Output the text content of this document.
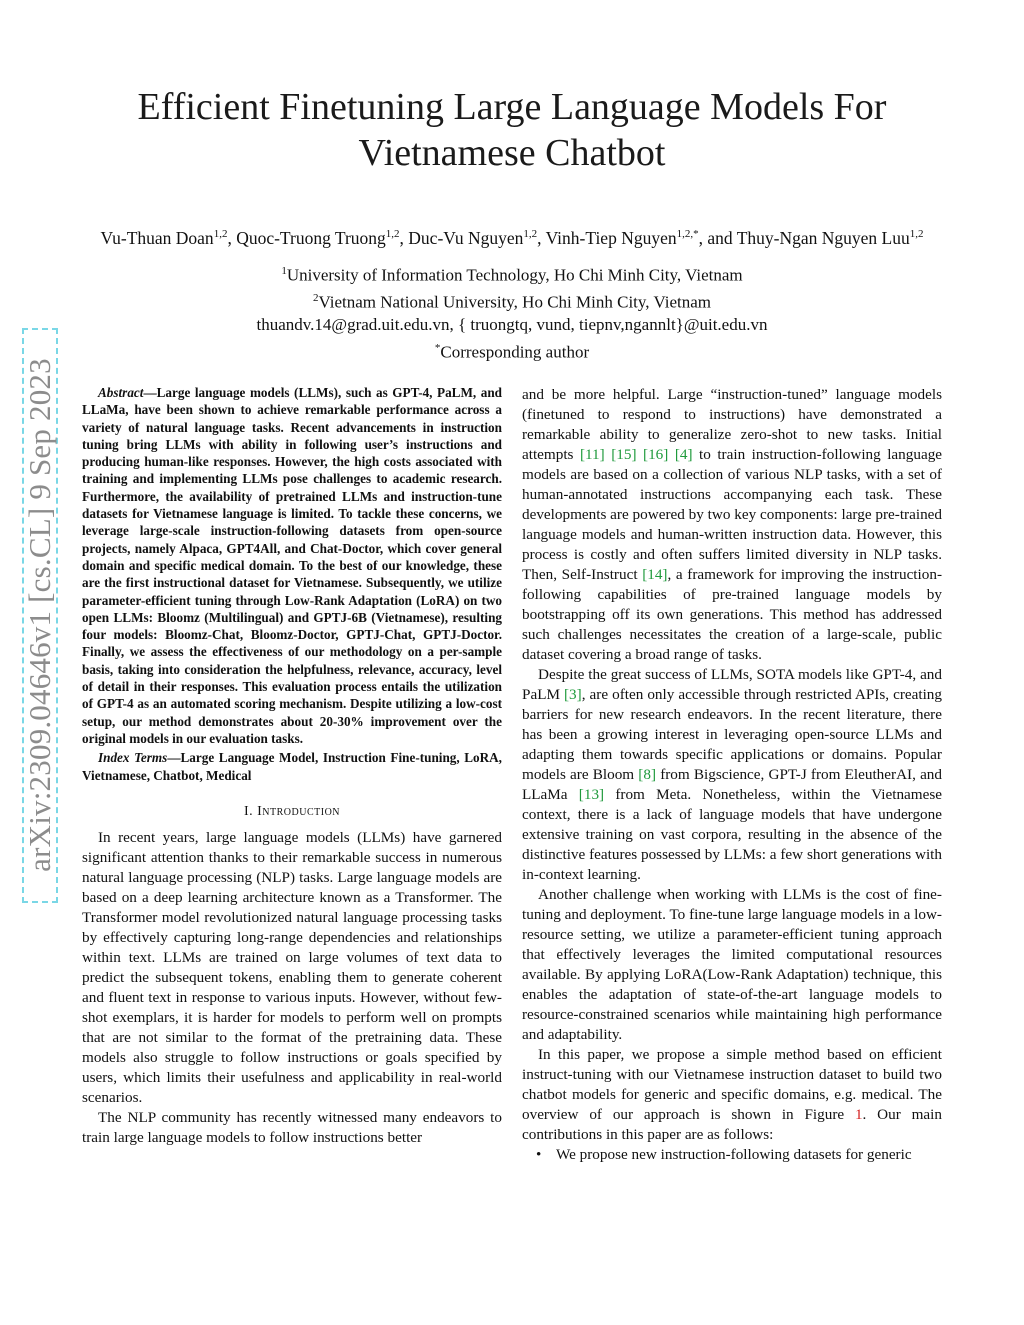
arXiv:2309.04646v1 [cs.CL] 9 Sep 2023
Efficient Finetuning Large Language Models For
Vietnamese Chatbot
Vu-Thuan Doan$^{1,2}$, Quoc-Truong Truong$^{1,2}$, Duc-Vu Nguyen$^{1,2}$, Vinh-Tiep Nguyen$^{1,2,*}$, and Thuy-Ngan Nguyen Luu$^{1,2}$
$^1$University of Information Technology, Ho Chi Minh City, Vietnam
$^2$Vietnam National University, Ho Chi Minh City, Vietnam
thuandv.14@grad.uit.edu.vn, { truongtq, vund, tiepnv,ngannlt}@uit.edu.vn
*Corresponding author

Abstract—Large language models (LLMs), such as GPT-4, PaLM, and LLaMa, have been shown to achieve remarkable performance across a variety of natural language tasks. Recent advancements in instruction tuning bring LLMs with ability in following user’s instructions and producing human-like responses. However, the high costs associated with training and implementing LLMs pose challenges to academic research. Furthermore, the availability of pretrained LLMs and instruction-tune datasets for Vietnamese language is limited. To tackle these concerns, we leverage large-scale instruction-following datasets from open-source projects, namely Alpaca, GPT4All, and Chat-Doctor, which cover general domain and specific medical domain. To the best of our knowledge, these are the first instructional dataset for Vietnamese. Subsequently, we utilize parameter-efficient tuning through Low-Rank Adaptation (LoRA) on two open LLMs: Bloomz (Multilingual) and GPTJ-6B (Vietnamese), resulting four models: Bloomz-Chat, Bloomz-Doctor, GPTJ-Chat, GPTJ-Doctor. Finally, we assess the effectiveness of our methodology on a per-sample basis, taking into consideration the helpfulness, relevance, accuracy, level of detail in their responses. This evaluation process entails the utilization of GPT-4 as an automated scoring mechanism. Despite utilizing a low-cost setup, our method demonstrates about 20-30% improvement over the original models in our evaluation tasks.

Index Terms—Large Language Model, Instruction Fine-tuning, LoRA, Vietnamese, Chatbot, Medical

I. Introduction

In recent years, large language models (LLMs) have garnered significant attention thanks to their remarkable success in numerous natural language processing (NLP) tasks. Large language models are based on a deep learning architecture known as a Transformer. The Transformer model revolutionized natural language processing tasks by effectively capturing long-range dependencies and relationships within text. LLMs are trained on large volumes of text data to predict the subsequent tokens, enabling them to generate coherent and fluent text in response to various inputs. However, without few-shot exemplars, it is harder for models to perform well on prompts that are not similar to the format of the pretraining data. These models also struggle to follow instructions or goals specified by users, which limits their usefulness and applicability in real-world scenarios.

The NLP community has recently witnessed many endeavors to train large language models to follow instructions better

and be more helpful. Large “instruction-tuned” language models (finetuned to respond to instructions) have demonstrated a remarkable ability to generalize zero-shot to new tasks. Initial attempts [11] [15] [16] [4] to train instruction-following language models are based on a collection of various NLP tasks, with a set of human-annotated instructions accompanying each task. These developments are powered by two key components: large pre-trained language models and human-written instruction data. However, this process is costly and often suffers limited diversity in NLP tasks. Then, Self-Instruct [14], a framework for improving the instruction-following capabilities of pre-trained language models by bootstrapping off its own generations. This method has addressed such challenges necessitates the creation of a large-scale, public dataset covering a broad range of tasks.

Despite the great success of LLMs, SOTA models like GPT-4, and PaLM [3], are often only accessible through restricted APIs, creating barriers for new research endeavors. In the recent literature, there has been a growing interest in leveraging open-source LLMs and adapting them towards specific applications or domains. Popular models are Bloom [8] from Bigscience, GPT-J from EleutherAI, and LLaMa [13] from Meta. Nonetheless, within the Vietnamese context, there is a lack of language models that have undergone extensive training on vast corpora, resulting in the absence of the distinctive features possessed by LLMs: a few short generations with in-context learning.

Another challenge when working with LLMs is the cost of fine-tuning and deployment. To fine-tune large language models in a low-resource setting, we utilize a parameter-efficient tuning approach that effectively leverages the limited computational resources available. By applying LoRA(Low-Rank Adaptation) technique, this enables the adaptation of state-of-the-art language models to resource-constrained scenarios while maintaining high performance and adaptability.

In this paper, we propose a simple method based on efficient instruct-tuning with our Vietnamese instruction dataset to build two chatbot models for generic and specific domains, e.g. medical. The overview of our approach is shown in Figure 1. Our main contributions in this paper are as follows:

• We propose new instruction-following datasets for generic
